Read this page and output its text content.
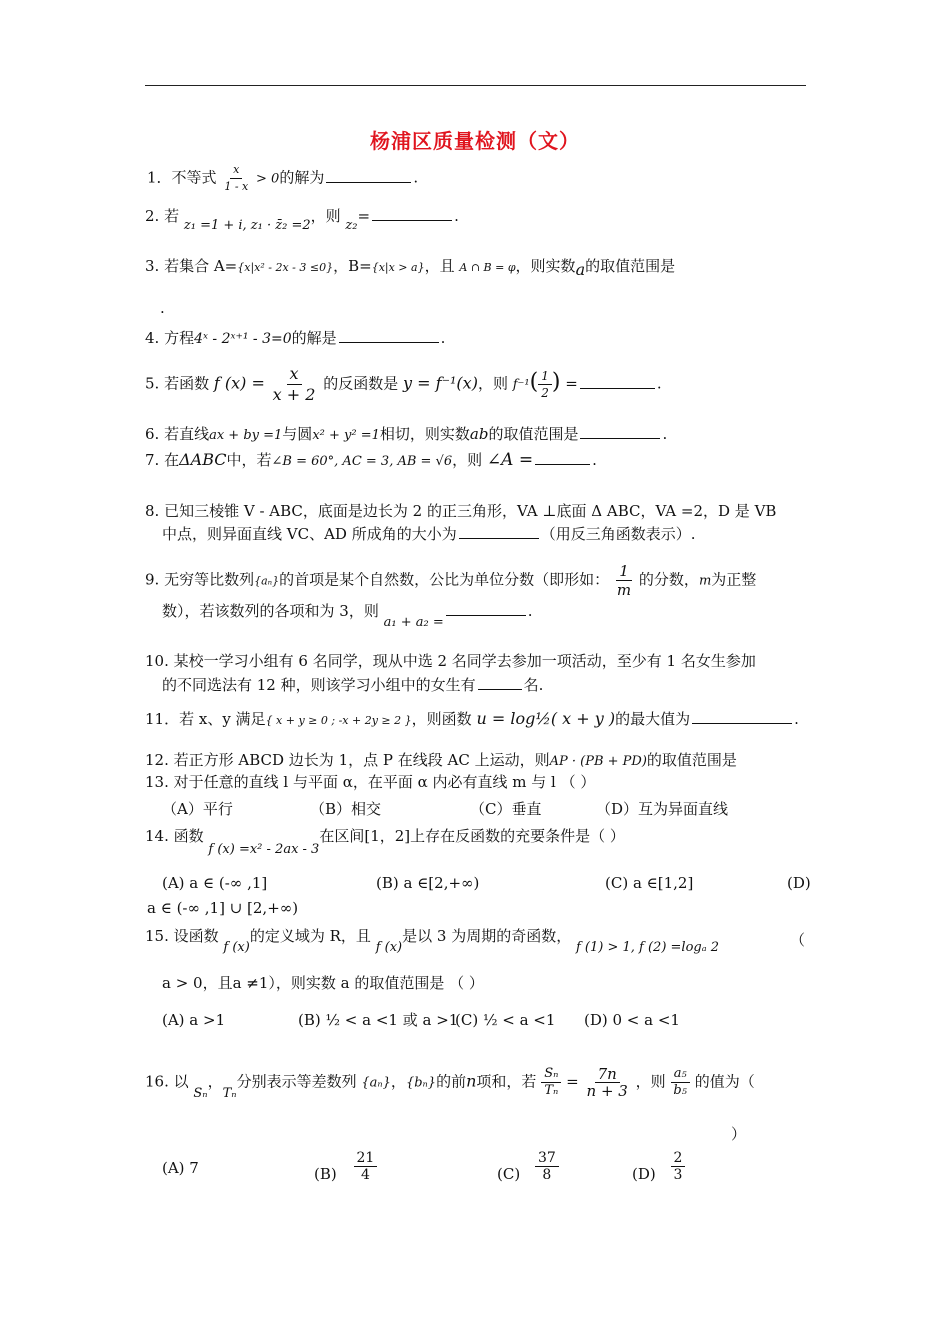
杨浦区质量检测（文）
1．不等式 $\frac{x}{1 - x} > 0$的解为	.
2. 若 z₁ =1 + i, z₁ · z̄₂ =2，则 z₂=	.
3. 若集合 A={x|x² - 2x - 3 ≤0}，B={x|x > a}，且 A ∩ B = φ，则实数a的取值范围是
.
4. 方程4ˣ - 2ˣ⁺¹ - 3=0的解是	.
5. 若函数 f $(x) = \frac{x}{x + 2}$ 的反函数是 y = f⁻¹(x)，则 $f^{-1}( \frac{1}{2}$ ) =	.
6. 若直线ax + by =1与圆x² + y² =1相切，则实数ab的取值范围是	.
7. 在ΔABC中，若∠B = 60°, AC = 3, AB = √6，则 ∠A =	.
8. 已知三棱锥 V - ABC，底面是边长为 2 的正三角形，VA ⊥底面 Δ ABC，VA =2，D 是 VB
中点，则异面直线 VC、AD 所成角的大小为	（用反三角函数表示）.
9. 无穷等比数列{aₙ}的首项是某个自然数，公比为单位分数（即形如： $\frac{1}{m}$ 的分数，m为正整
数），若该数列的各项和为 3，则 a₁ + a₂ =.
10. 某校一学习小组有 6 名同学，现从中选 2 名同学去参加一项活动，至少有 1 名女生参加
的不同选法有 12 种，则该学习小组中的女生有	名.
11．若 x、y 满足{ x + y ≥ 0 ; -x + 2y ≥ 2 }，则函数 u = log½( x + y )的最大值为	.
12. 若正方形 ABCD 边长为 1，点 P 在线段 AC 上运动，则AP · (PB + PD)的取值范围是
13. 对于任意的直线 l 与平面 α，在平面 α 内必有直线 m 与 l （ ）
（A）平行	（B）相交	（C）垂直	（D）互为异面直线
14. 函数 f (x) =x² - 2ax - 3在区间[1，2]上存在反函数的充要条件是（ ）
(A) a ∈ (-∞ ,1]	(B) a ∈[2,+∞)	(C) a ∈[1,2]	(D)
a ∈ (-∞ ,1] ∪ [2,+∞)
15. 设函数 f (x)的定义域为 R，且 f (x)是以 3 为周期的奇函数， f (1) > 1, f (2) =logₐ 2	（
a > 0，且a ≠1），则实数 a 的取值范围是 （ ）
(A) a >1	(B) ½ < a <1 或 a >1
(C) ½ < a <1 (D) 0 < a <1
16. 以 Sₙ，Tₙ分别表示等差数列 {aₙ}，{bₙ}的前n项和，若 $\frac{\text{Sₙ}}{\text{Tₙ}} = \frac{7n}{n + 3}$ ，则 $\frac{\text{a₅}}{\text{b₅}}$ 的值为（
）
(A) 7	$(B) \frac{21}{4}$	$(C) \frac{37}{8}$	$(D) \frac{2}{3}$
